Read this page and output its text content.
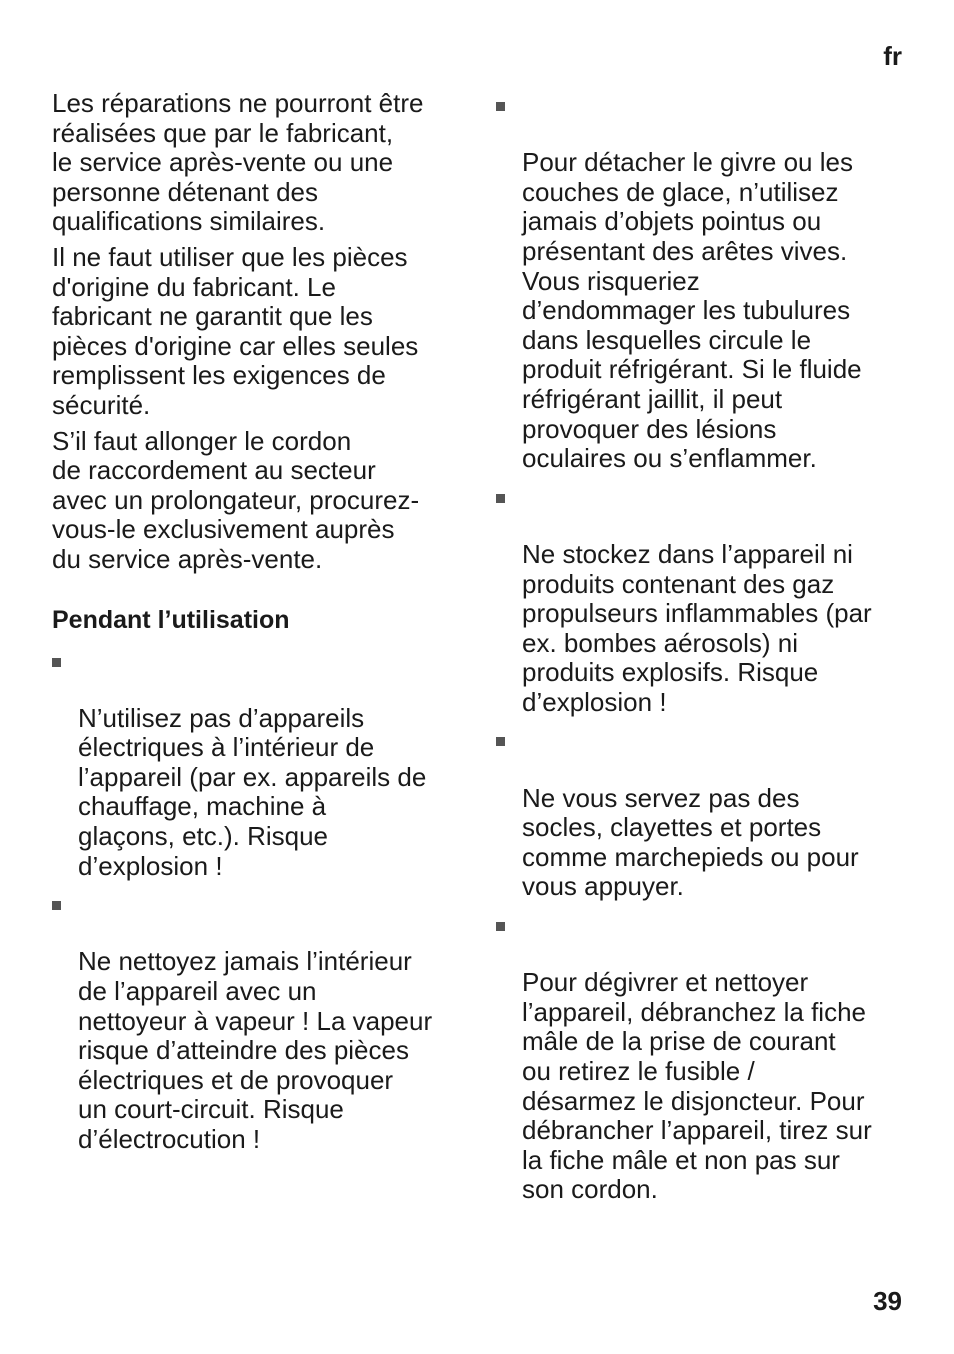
fr

Les réparations ne pourront être
réalisées que par le fabricant,
le service après-vente ou une
personne détenant des
qualifications similaires.

Il ne faut utiliser que les pièces
d'origine du fabricant. Le
fabricant ne garantit que les
pièces d'origine car elles seules
remplissent les exigences de
sécurité.

S’il faut allonger le cordon
de raccordement au secteur
avec un prolongateur, procurez-
vous-le exclusivement auprès
du service après-vente.

Pendant l’utilisation

N’utilisez pas d’appareils
électriques à l’intérieur de
l’appareil (par ex. appareils de
chauffage, machine à
glaçons, etc.). Risque
d’explosion !

Ne nettoyez jamais l’intérieur
de l’appareil avec un
nettoyeur à vapeur ! La vapeur
risque d’atteindre des pièces
électriques et de provoquer
un court-circuit. Risque
d’électrocution !

Pour détacher le givre ou les
couches de glace, n’utilisez
jamais d’objets pointus ou
présentant des arêtes vives.
Vous risqueriez
d’endommager les tubulures
dans lesquelles circule le
produit réfrigérant. Si le fluide
réfrigérant jaillit, il peut
provoquer des lésions
oculaires ou s’enflammer.

Ne stockez dans l’appareil ni
produits contenant des gaz
propulseurs inflammables (par
ex. bombes aérosols) ni
produits explosifs. Risque
d’explosion !

Ne vous servez pas des
socles, clayettes et portes
comme marchepieds ou pour
vous appuyer.

Pour dégivrer et nettoyer
l’appareil, débranchez la fiche
mâle de la prise de courant
ou retirez le fusible /
désarmez le disjoncteur. Pour
débrancher l’appareil, tirez sur
la fiche mâle et non pas sur
son cordon.

39
